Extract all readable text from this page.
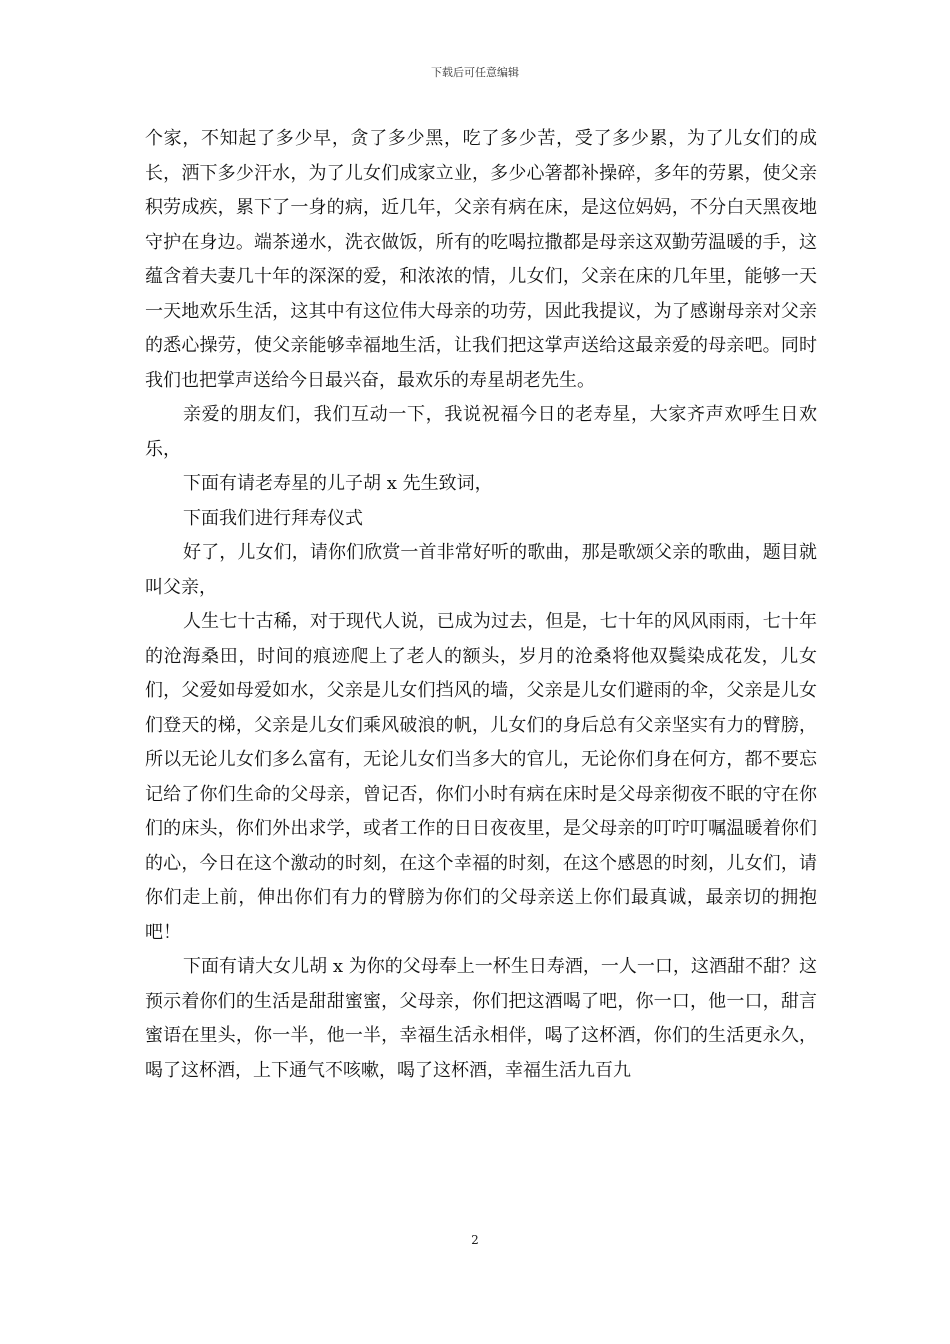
下载后可任意编辑

个家，不知起了多少早，贪了多少黑，吃了多少苦，受了多少累，为了儿女们的成长，洒下多少汗水，为了儿女们成家立业，多少心箸都补操碎，多年的劳累，使父亲积劳成疾，累下了一身的病，近几年，父亲有病在床，是这位妈妈，不分白天黑夜地守护在身边。端茶递水，洗衣做饭，所有的吃喝拉撒都是母亲这双勤劳温暖的手，这蕴含着夫妻几十年的深深的爱，和浓浓的情，儿女们，父亲在床的几年里，能够一天一天地欢乐生活，这其中有这位伟大母亲的功劳，因此我提议，为了感谢母亲对父亲的悉心操劳，使父亲能够幸福地生活，让我们把这掌声送给这最亲爱的母亲吧。同时我们也把掌声送给今日最兴奋，最欢乐的寿星胡老先生。

亲爱的朋友们，我们互动一下，我说祝福今日的老寿星，大家齐声欢呼生日欢乐，

下面有请老寿星的儿子胡 x 先生致词，

下面我们进行拜寿仪式

好了，儿女们，请你们欣赏一首非常好听的歌曲，那是歌颂父亲的歌曲，题目就叫父亲，

人生七十古稀，对于现代人说，已成为过去，但是，七十年的风风雨雨，七十年的沧海桑田，时间的痕迹爬上了老人的额头，岁月的沧桑将他双鬓染成花发，儿女们，父爱如母爱如水，父亲是儿女们挡风的墙，父亲是儿女们避雨的伞，父亲是儿女们登天的梯，父亲是儿女们乘风破浪的帆，儿女们的身后总有父亲坚实有力的臂膀，所以无论儿女们多么富有，无论儿女们当多大的官儿，无论你们身在何方，都不要忘记给了你们生命的父母亲，曾记否，你们小时有病在床时是父母亲彻夜不眠的守在你们的床头，你们外出求学，或者工作的日日夜夜里，是父母亲的叮咛叮嘱温暖着你们的心，今日在这个激动的时刻，在这个幸福的时刻，在这个感恩的时刻，儿女们，请你们走上前，伸出你们有力的臂膀为你们的父母亲送上你们最真诚，最亲切的拥抱吧！

下面有请大女儿胡 x 为你的父母奉上一杯生日寿酒，一人一口，这酒甜不甜？这预示着你们的生活是甜甜蜜蜜，父母亲，你们把这酒喝了吧，你一口，他一口，甜言蜜语在里头，你一半，他一半，幸福生活永相伴，喝了这杯酒，你们的生活更永久，喝了这杯酒，上下通气不咳嗽，喝了这杯酒，幸福生活九百九

2
